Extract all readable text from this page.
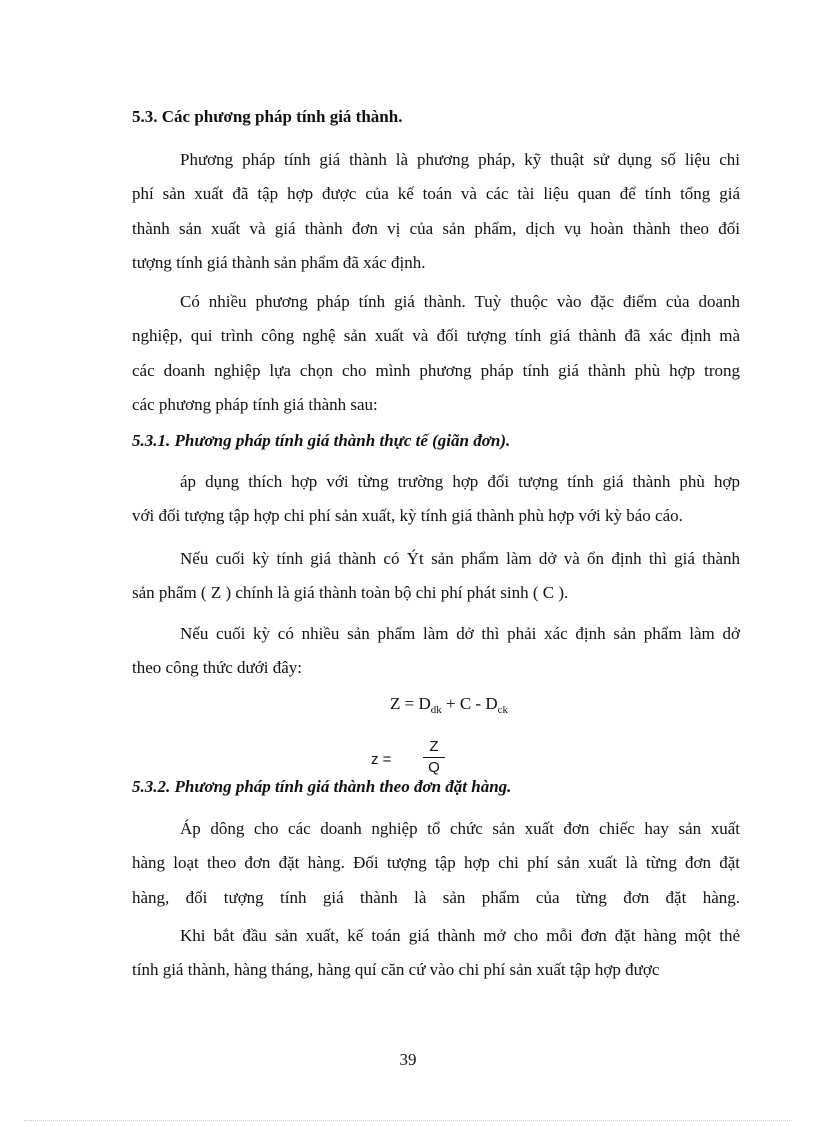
5.3. Các phương pháp tính giá thành.
Phương pháp tính giá thành là phương pháp, kỹ thuật sử dụng số liệu chi
phí sản xuất đã tập hợp được của kế toán và các tài liệu quan để tính tổng giá
thành sản xuất và giá thành đơn vị của sản phẩm, dịch vụ hoàn thành theo đối
tượng tính giá thành sản phẩm đã xác định.
Có nhiều phương pháp tính giá thành. Tuỳ thuộc vào đặc điểm của doanh
nghiệp, qui trình công nghệ sản xuất và đối tượng tính giá thành đã xác định mà
các doanh nghiệp lựa chọn cho mình phương pháp tính giá thành phù hợp trong
các phương pháp tính giá thành sau:
5.3.1. Phương pháp tính giá thành thực tế (giãn đơn).
áp dụng thích hợp với từng trường hợp đối tượng tính giá thành phù hợp
với đối tượng tập hợp chi phí sản xuất, kỳ tính giá thành phù hợp với kỳ báo cáo.
Nếu cuối kỳ tính giá thành có Ýt sản phẩm làm dở và ổn định thì giá thành
sản phẩm ( Z ) chính là giá thành toàn bộ chi phí phát sinh ( C ).
Nếu cuối kỳ có nhiều sản phẩm làm dở thì phải xác định sản phẩm làm dở
theo công thức dưới đây:
$Z = D_{dk} + C - D_{ck}$
z =
Z
Q
5.3.2. Phương pháp tính giá thành theo đơn đặt hàng.
Áp dông cho các doanh nghiệp tổ chức sản xuất đơn chiếc hay sản xuất
hàng loạt theo đơn đặt hàng. Đối tượng tập hợp chi phí sản xuất là từng đơn đặt
hàng, đối tượng tính giá thành là sản phẩm của từng đơn đặt hàng.
Khi bắt đầu sản xuất, kế toán giá thành mở cho mỗi đơn đặt hàng một thẻ
tính giá thành, hàng tháng, hàng quí căn cứ vào chi phí sản xuất tập hợp được
39
